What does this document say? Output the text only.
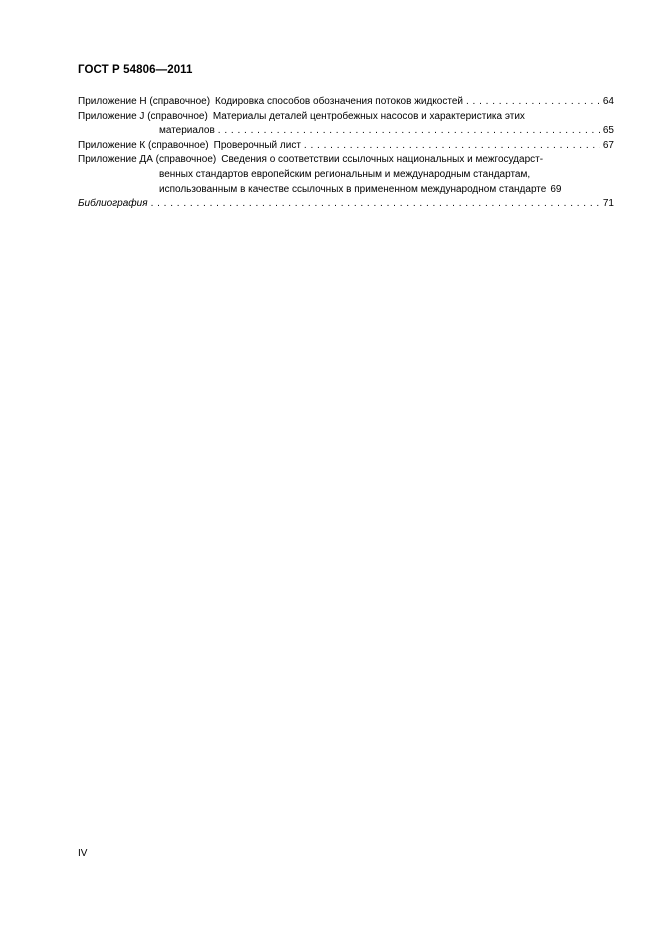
ГОСТ Р 54806—2011
Приложение Н (справочное) Кодировка способов обозначения потоков жидкостей . . .	64
Приложение J (справочное) Материалы деталей центробежных насосов и характеристика этих
материалов . . .	65
Приложение К (справочное) Проверочный лист . . .	67
Приложение ДА (справочное) Сведения о соответствии ссылочных национальных и межгосударст-
венных стандартов европейским региональным и международным стандартам,
использованным в качестве ссылочных в примененном международном стандарте 69
Библиография . . .	71
IV
